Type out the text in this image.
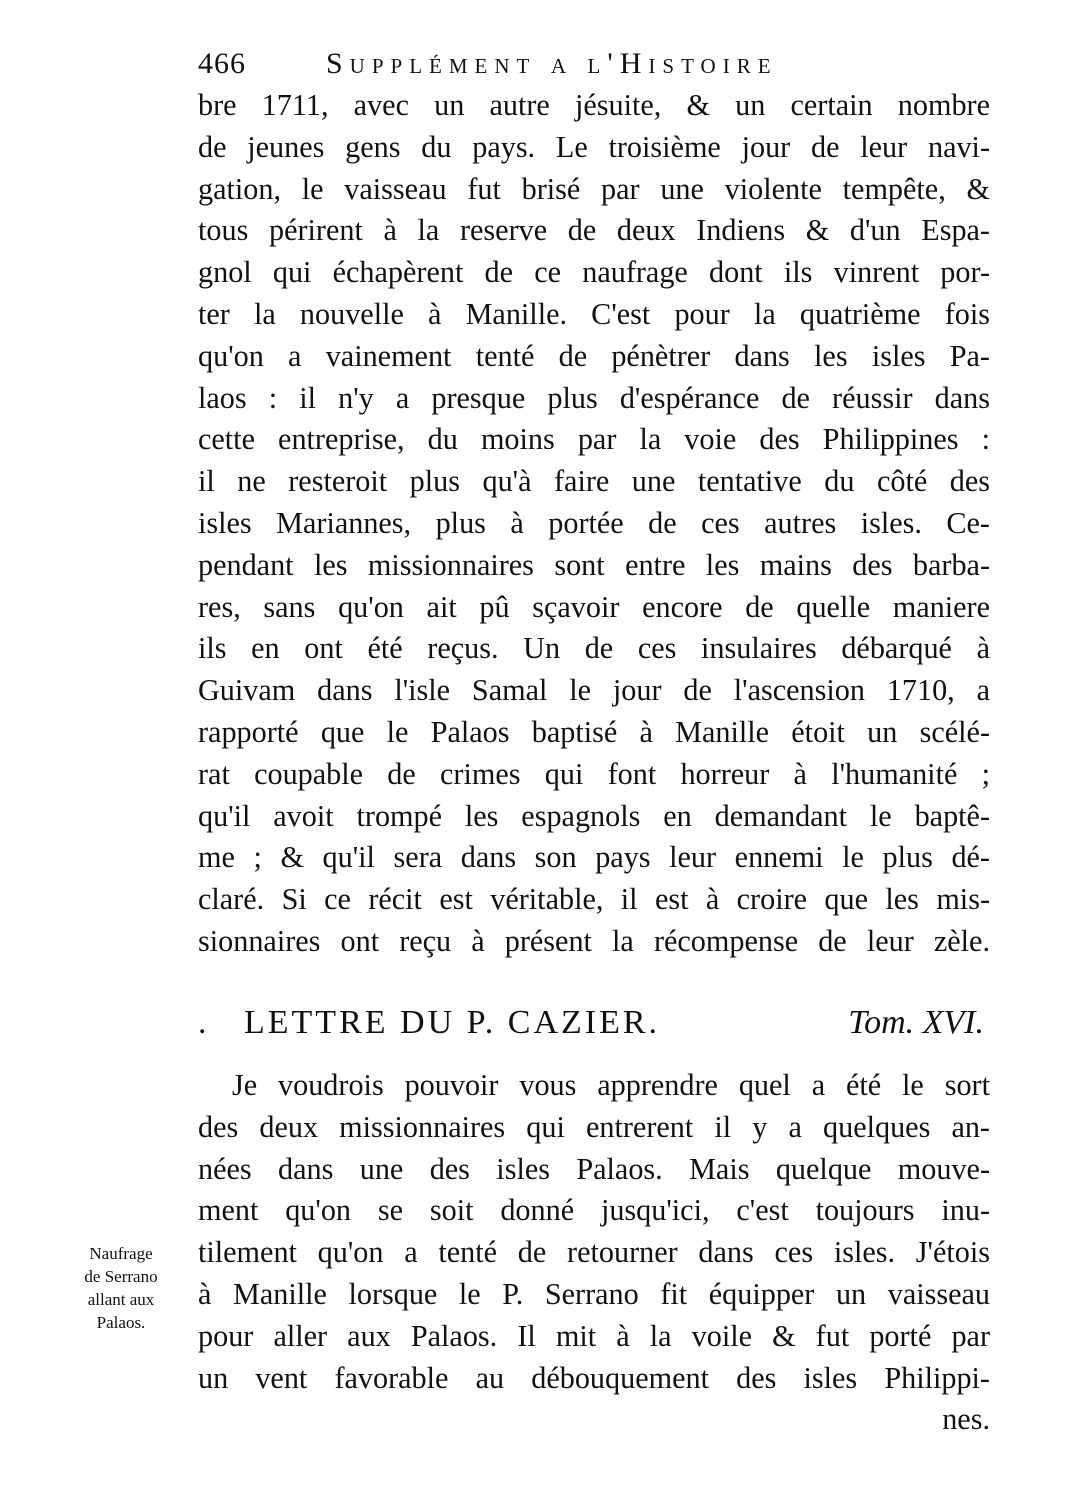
466	Supplément a l'Histoire
bre 1711, avec un autre jésuite, & un certain nombre
de jeunes gens du pays. Le troisième jour de leur navi-
gation, le vaisseau fut brisé par une violente tempête, &
tous périrent à la reserve de deux Indiens & d'un Espa-
gnol qui échapèrent de ce naufrage dont ils vinrent por-
ter la nouvelle à Manille. C'est pour la quatrième fois
qu'on a vainement tenté de pénètrer dans les isles Pa-
laos : il n'y a presque plus d'espérance de réussir dans
cette entreprise, du moins par la voie des Philippines :
il ne resteroit plus qu'à faire une tentative du côté des
isles Mariannes, plus à portée de ces autres isles. Ce-
pendant les missionnaires sont entre les mains des barba-
res, sans qu'on ait pû sçavoir encore de quelle maniere
ils en ont été reçus. Un de ces insulaires débarqué à
Guivam dans l'isle Samal le jour de l'ascension 1710, a
rapporté que le Palaos baptisé à Manille étoit un scélé-
rat coupable de crimes qui font horreur à l'humanité ;
qu'il avoit trompé les espagnols en demandant le baptê-
me ; & qu'il sera dans son pays leur ennemi le plus dé-
claré. Si ce récit est véritable, il est à croire que les mis-
sionnaires ont reçu à présent la récompense de leur zèle.
. LETTRE DU P. CAZIER.	Tom. XVI.
Je voudrois pouvoir vous apprendre quel a été le sort
des deux missionnaires qui entrerent il y a quelques an-
nées dans une des isles Palaos. Mais quelque mouve-
ment qu'on se soit donné jusqu'ici, c'est toujours inu-
tilement qu'on a tenté de retourner dans ces isles. J'étois
à Manille lorsque le P. Serrano fit équipper un vaisseau
pour aller aux Palaos. Il mit à la voile & fut porté par
un vent favorable au débouquement des isles Philippi-
nes.
Naufrage
de Serrano
allant aux
Palaos.
